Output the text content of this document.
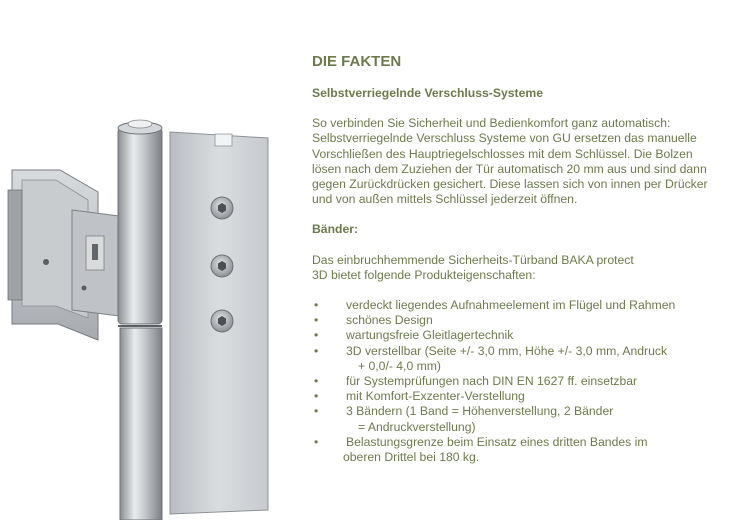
DIE FAKTEN
Selbstverriegelnde Verschluss-Systeme
So verbinden Sie Sicherheit und Bedienkomfort ganz automatisch:
Selbstverriegelnde Verschluss Systeme von GU ersetzen das manuelle
Vorschließen des Hauptriegelschlosses mit dem Schlüssel. Die Bolzen
lösen nach dem Zuziehen der Tür automatisch 20 mm aus und sind dann
gegen Zurückdrücken gesichert. Diese lassen sich von innen per Drücker
und von außen mittels Schlüssel jederzeit öffnen.
Bänder:
Das einbruchhemmende Sicherheits-Türband BAKA protect
3D bietet folgende Produkteigenschaften:
•	verdeckt liegendes Aufnahmeelement im Flügel und Rahmen
•	schönes Design
•	wartungsfreie Gleitlagertechnik
•	3D verstellbar (Seite +/- 3,0 mm, Höhe +/- 3,0 mm, Andruck
+ 0,0/- 4,0 mm)
•	für Systemprüfungen nach DIN EN 1627 ff. einsetzbar
•	mit Komfort-Exzenter-Verstellung
•	3 Bändern (1 Band = Höhenverstellung, 2 Bänder
= Andruckverstellung)
•	Belastungsgrenze beim Einsatz eines dritten Bandes im
oberen Drittel bei 180 kg.
